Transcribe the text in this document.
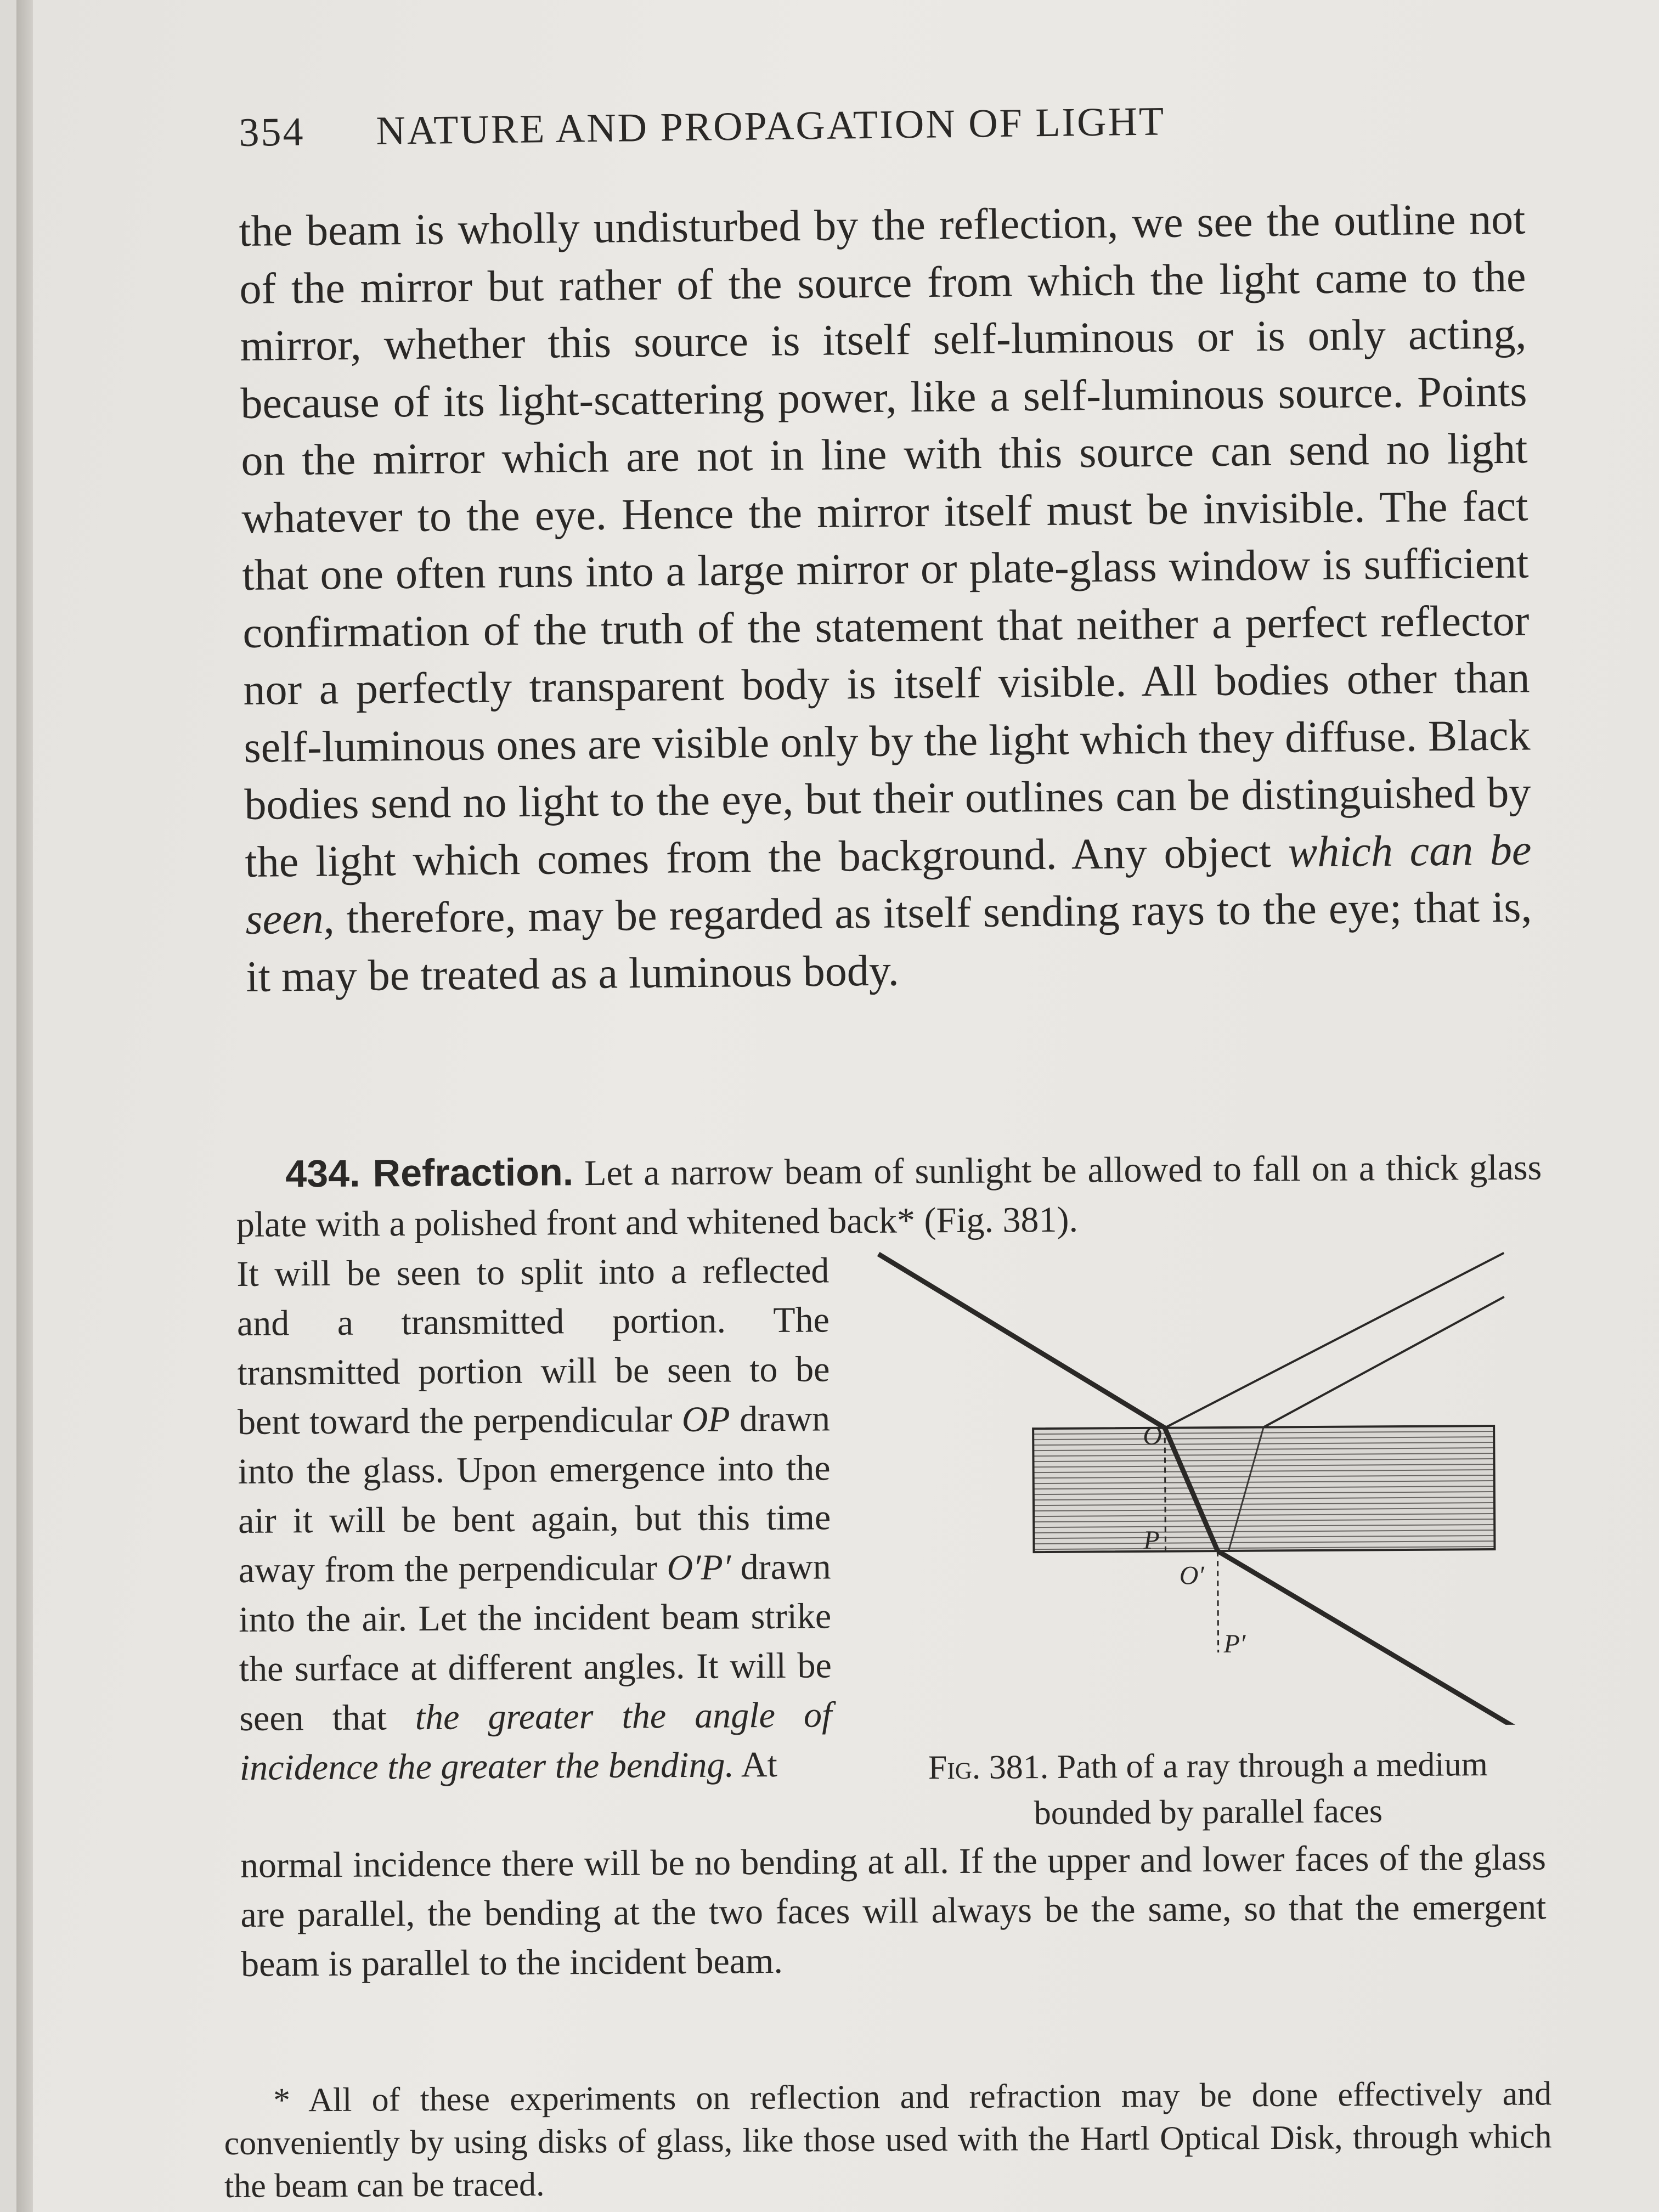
354 NATURE AND PROPAGATION OF LIGHT
the beam is wholly undisturbed by the reflection, we see the outline not of the mirror but rather of the source from which the light came to the mirror, whether this source is itself self-luminous or is only acting, because of its light-scattering power, like a self-luminous source. Points on the mirror which are not in line with this source can send no light whatever to the eye. Hence the mirror itself must be invisible. The fact that one often runs into a large mirror or plate-glass window is sufficient confirmation of the truth of the statement that neither a perfect reflector nor a perfectly transparent body is itself visible. All bodies other than self-luminous ones are visible only by the light which they diffuse. Black bodies send no light to the eye, but their outlines can be distinguished by the light which comes from the background. Any object which can be seen, therefore, may be regarded as itself sending rays to the eye; that is, it may be treated as a luminous body.
434. Refraction. Let a narrow beam of sunlight be allowed to fall on a thick glass plate with a polished front and whitened back* (Fig. 381).
O
P
O′
P′
Fig. 381. Path of a ray through a medium bounded by parallel faces
It will be seen to split into a reflected and a transmitted portion. The transmitted portion will be seen to be bent toward the perpendicular OP drawn into the glass. Upon emergence into the air it will be bent again, but this time away from the perpendicular O′P′ drawn into the air. Let the incident beam strike the surface at different angles. It will be seen that the greater the angle of incidence the greater the bending. At
normal incidence there will be no bending at all. If the upper and lower faces of the glass are parallel, the bending at the two faces will always be the same, so that the emergent beam is parallel to the incident beam.
* All of these experiments on reflection and refraction may be done effectively and conveniently by using disks of glass, like those used with the Hartl Optical Disk, through which the beam can be traced.
